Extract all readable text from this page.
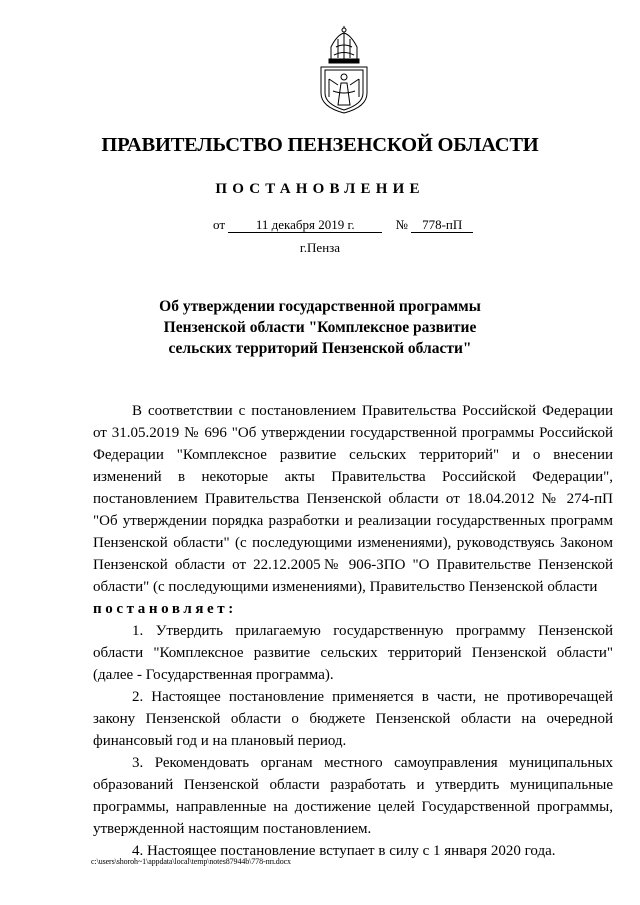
ПРАВИТЕЛЬСТВО ПЕНЗЕНСКОЙ ОБЛАСТИ
ПОСТАНОВЛЕНИЕ
от 11 декабря 2019 г.	№ 778-пП
г.Пенза
Об утверждении государственной программы
Пензенской области "Комплексное развитие
сельских территорий Пензенской области"

В соответствии с постановлением Правительства Российской Федерации от 31.05.2019 № 696 "Об утверждении государственной программы Российской Федерации "Комплексное развитие сельских территорий" и о внесении изменений в некоторые акты Правительства Российской Федерации", постановлением Правительства Пензенской области от 18.04.2012 № 274-пП "Об утверждении порядка разработки и реализации государственных программ Пензенской области" (с последующими изменениями), руководствуясь Законом Пензенской области от 22.12.2005№ 906-ЗПО "О Правительстве Пензенской области" (с последующими изменениями), Правительство Пензенской области

постановляет:

1. Утвердить прилагаемую государственную программу Пензенской области "Комплексное развитие сельских территорий Пензенской области" (далее - Государственная программа).

2. Настоящее постановление применяется в части, не противоречащей закону Пензенской области о бюджете Пензенской области на очередной финансовый год и на плановый период.

3. Рекомендовать органам местного самоуправления муниципальных образований Пензенской области разработать и утвердить муниципальные программы, направленные на достижение целей Государственной программы, утвержденной настоящим постановлением.

4. Настоящее постановление вступает в силу с 1 января 2020 года.

c:\users\shoroh~1\appdata\local\temp\notes87944b\778-пп.docx
